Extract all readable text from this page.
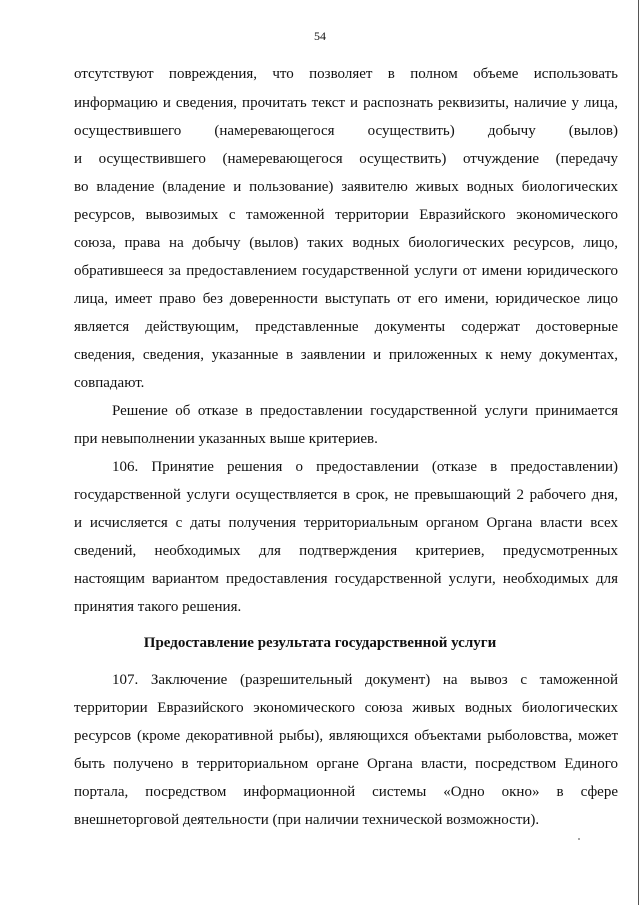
54
отсутствуют повреждения, что позволяет в полном объеме использовать
информацию и сведения, прочитать текст и распознать реквизиты, наличие у лица,
осуществившего (намеревающегося осуществить) добычу (вылов)
и осуществившего (намеревающегося осуществить) отчуждение (передачу
во владение (владение и пользование) заявителю живых водных биологических
ресурсов, вывозимых с таможенной территории Евразийского экономического
союза, права на добычу (вылов) таких водных биологических ресурсов, лицо,
обратившееся за предоставлением государственной услуги от имени юридического
лица, имеет право без доверенности выступать от его имени, юридическое лицо
является действующим, представленные документы содержат достоверные
сведения, сведения, указанные в заявлении и приложенных к нему документах,
совпадают.
Решение об отказе в предоставлении государственной услуги принимается
при невыполнении указанных выше критериев.
106. Принятие решения о предоставлении (отказе в предоставлении)
государственной услуги осуществляется в срок, не превышающий 2 рабочего дня,
и исчисляется с даты получения территориальным органом Органа власти всех
сведений, необходимых для подтверждения критериев, предусмотренных
настоящим вариантом предоставления государственной услуги, необходимых для
принятия такого решения.
Предоставление результата государственной услуги
107. Заключение (разрешительный документ) на вывоз с таможенной
территории Евразийского экономического союза живых водных биологических
ресурсов (кроме декоративной рыбы), являющихся объектами рыболовства, может
быть получено в территориальном органе Органа власти, посредством Единого
портала, посредством информационной системы «Одно окно» в сфере
внешнеторговой деятельности (при наличии технической возможности).
